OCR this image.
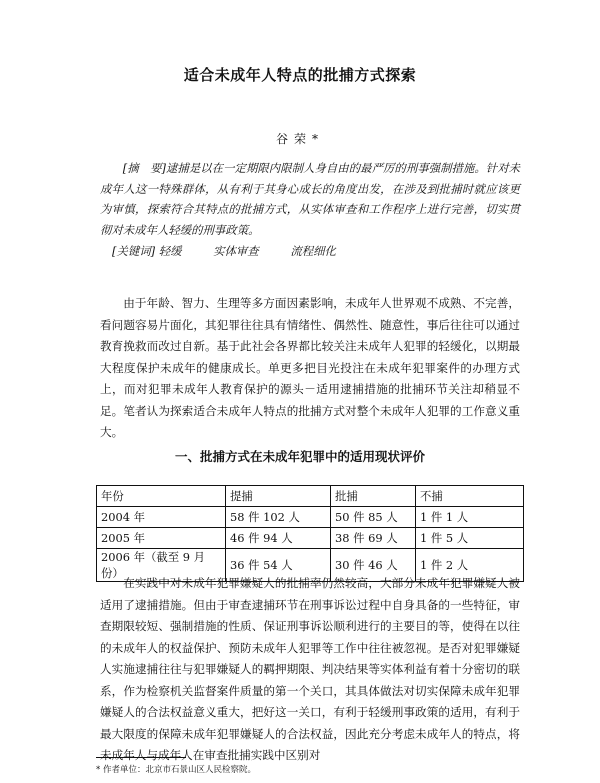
适合未成年人特点的批捕方式探索
谷荣*
[摘　要]逮捕是以在一定期限内限制人身自由的最严厉的刑事强制措施。针对未成年人这一特殊群体，从有利于其身心成长的角度出发，在涉及到批捕时就应该更为审慎，探索符合其特点的批捕方式，从实体审查和工作程序上进行完善，切实贯彻对未成年人轻缓的刑事政策。
[关键词] 轻缓	实体审查	流程细化
由于年龄、智力、生理等多方面因素影响，未成年人世界观不成熟、不完善，看问题容易片面化，其犯罪往往具有情绪性、偶然性、随意性，事后往往可以通过教育挽救而改过自新。基于此社会各界都比较关注未成年人犯罪的轻缓化，以期最大程度保护未成年的健康成长。单更多把目光投注在未成年犯罪案件的办理方式上，而对犯罪未成年人教育保护的源头－适用逮捕措施的批捕环节关注却稍显不足。笔者认为探索适合未成年人特点的批捕方式对整个未成年人犯罪的工作意义重大。
一、批捕方式在未成年犯罪中的适用现状评价
年份	提捕	批捕	不捕
2004 年	58 件 102 人	50 件 85 人	1 件 1 人
2005 年	46 件 94 人	38 件 69 人	1 件 5 人
2006 年（截至 9 月份）	36 件 54 人	30 件 46 人	1 件 2 人
在实践中对未成年犯罪嫌疑人的批捕率仍然较高，大部分未成年犯罪嫌疑人被适用了逮捕措施。但由于审查逮捕环节在刑事诉讼过程中自身具备的一些特征，审查期限较短、强制措施的性质、保证刑事诉讼顺利进行的主要目的等，使得在以往的未成年人的权益保护、预防未成年人犯罪等工作中往往被忽视。是否对犯罪嫌疑人实施逮捕往往与犯罪嫌疑人的羁押期限、判决结果等实体利益有着十分密切的联系，作为检察机关监督案件质量的第一个关口，其具体做法对切实保障未成年犯罪嫌疑人的合法权益意义重大，把好这一关口，有利于轻缓刑事政策的适用，有利于最大限度的保障未成年犯罪嫌疑人的合法权益，因此充分考虑未成年人的特点，将未成年人与成年人在审查批捕实践中区别对
* 作者单位：北京市石景山区人民检察院。
